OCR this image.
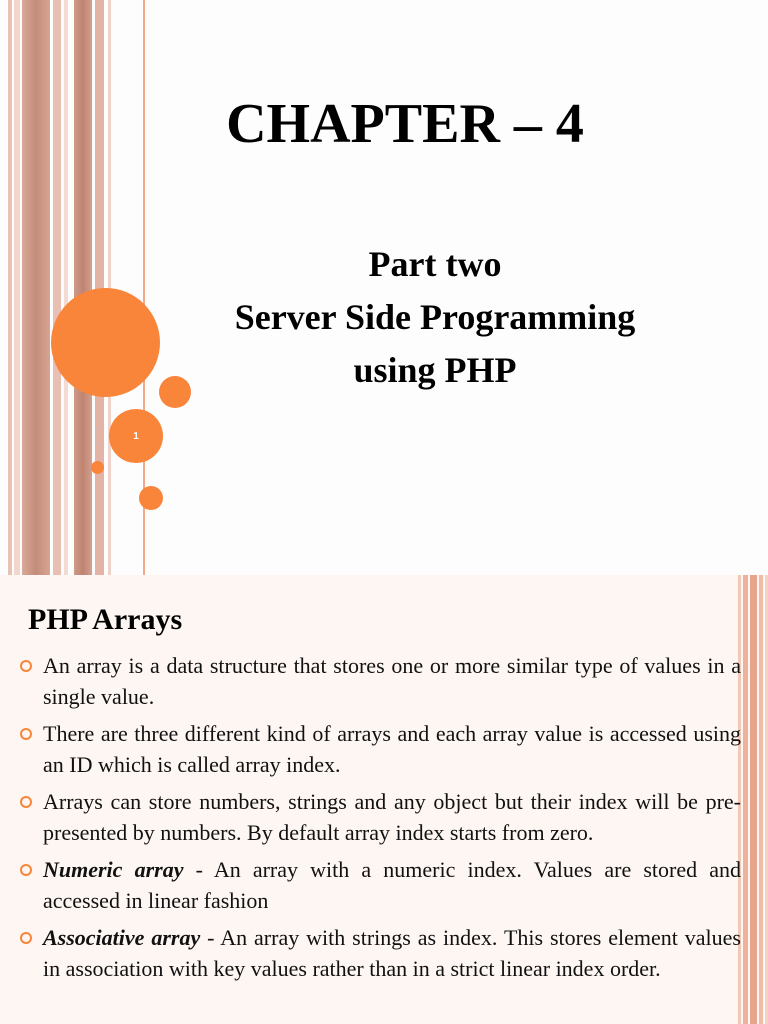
1
CHAPTER – 4
Part two
Server Side Programming
using PHP
PHP Arrays
An array is a data structure that stores one or more similar type of values in a single value.
There are three different kind of arrays and each array value is accessed using an ID which is called array index.
Arrays can store numbers, strings and any object but their index will be pre-presented by numbers. By default array index starts from zero.
Numeric array - An array with a numeric index. Values are stored and accessed in linear fashion
Associative array - An array with strings as index. This stores element values in association with key values rather than in a strict linear index order.
